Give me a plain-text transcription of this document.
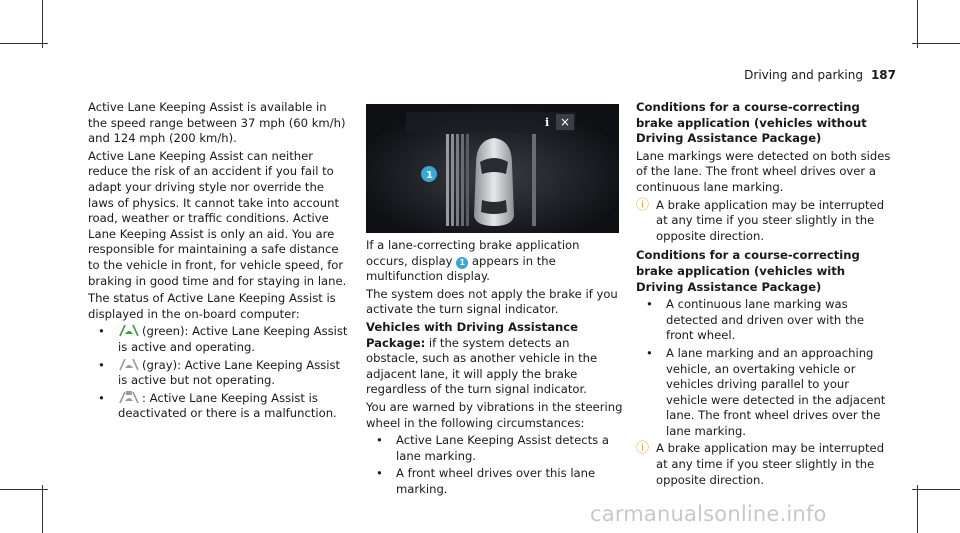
Driving and parking 187

Active Lane Keeping Assist is available in the speed range between 37 mph (60 km/h) and 124 mph (200 km/h).

Active Lane Keeping Assist can neither reduce the risk of an accident if you fail to adapt your driving style nor override the laws of physics. It cannot take into account road, weather or traffic conditions. Active Lane Keeping Assist is only an aid. You are responsible for maintaining a safe distance to the vehicle in front, for vehicle speed, for braking in good time and for staying in lane.

The status of Active Lane Keeping Assist is displayed in the on-board computer:

•	(green): Active Lane Keeping Assist is active and operating.
•	(gray): Active Lane Keeping Assist is active but not operating.
•	: Active Lane Keeping Assist is deactivated or there is a malfunction.
i ×
1

If a lane-correcting brake application occurs, display 1 appears in the multifunction display.

The system does not apply the brake if you activate the turn signal indicator.

Vehicles with Driving Assistance Package: if the system detects an obstacle, such as another vehicle in the adjacent lane, it will apply the brake regardless of the turn signal indicator.

You are warned by vibrations in the steering wheel in the following circumstances:

• Active Lane Keeping Assist detects a lane marking.
• A front wheel drives over this lane marking.

Conditions for a course-correcting brake application (vehicles without Driving Assistance Package)

Lane markings were detected on both sides of the lane. The front wheel drives over a continuous lane marking.

ⓘ A brake application may be interrupted at any time if you steer slightly in the opposite direction.

Conditions for a course-correcting brake application (vehicles with Driving Assistance Package)

• A continuous lane marking was detected and driven over with the front wheel.
• A lane marking and an approaching vehicle, an overtaking vehicle or vehicles driving parallel to your vehicle were detected in the adjacent lane. The front wheel drives over the lane marking.
ⓘ A brake application may be interrupted at any time if you steer slightly in the opposite direction.
carmanualsonline.info
